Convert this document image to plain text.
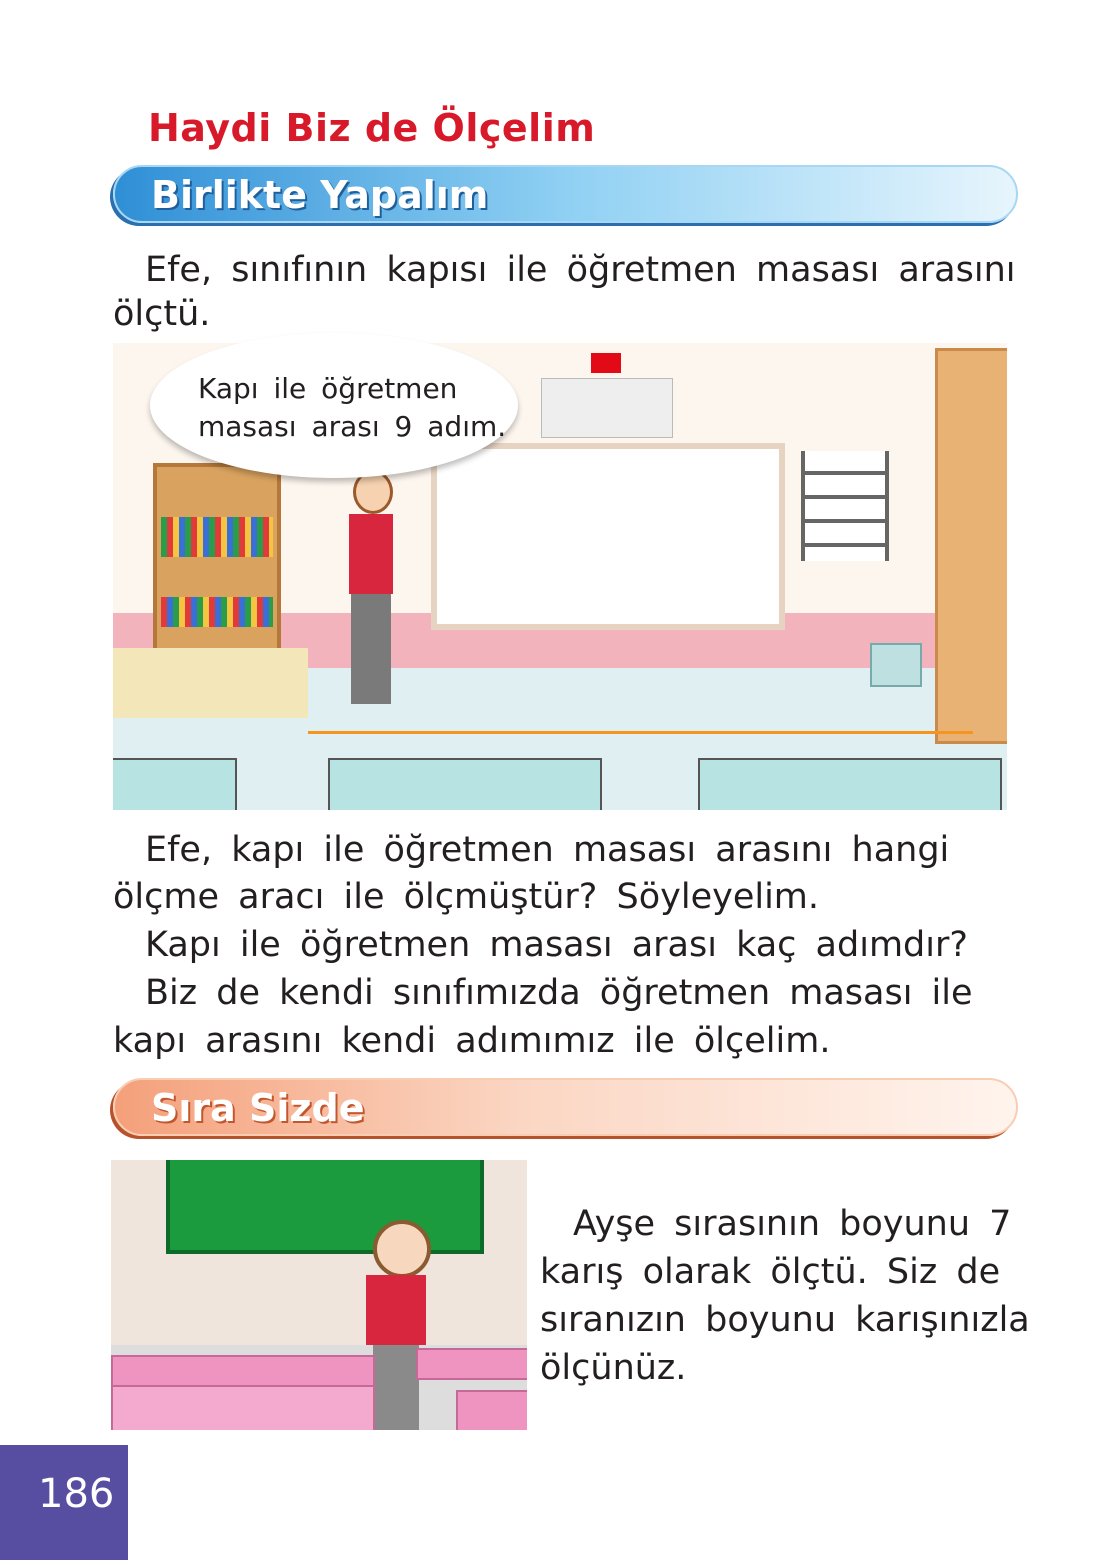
Haydi Biz de Ölçelim
Birlikte Yapalım
Efe, sınıfının kapısı ile öğretmen masası arasını
ölçtü.
Kapı ile öğretmen
masası arası 9 adım.
Efe, kapı ile öğretmen masası arasını hangi
ölçme aracı ile ölçmüştür? Söyleyelim.
Kapı ile öğretmen masası arası kaç adımdır?
Biz de kendi sınıfımızda öğretmen masası ile
kapı arasını kendi adımımız ile ölçelim.
Sıra Sizde
Ayşe sırasının boyunu 7
karış olarak ölçtü. Siz de
sıranızın boyunu karışınızla
ölçünüz.
186
